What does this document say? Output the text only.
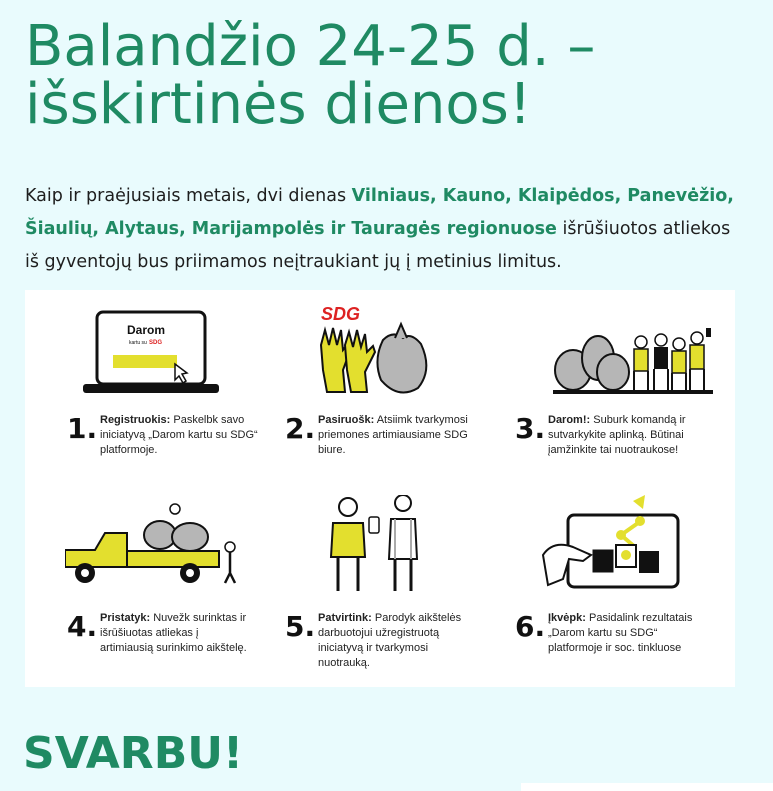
Balandžio 24-25 d. –
išskirtinės dienos!

Kaip ir praėjusiais metais, dvi dienas Vilniaus, Kauno, Klaipėdos, Panevėžio, Šiaulių, Alytaus, Marijampolės ir Tauragės regionuose išrūšiuotos atliekos iš gyventojų bus priimamos neįtraukiant jų į metinius limitus.

Darom
kartu su SDG
1. Registruokis: Paskelbk savo iniciatyvą „Darom kartu su SDG“ platformoje.
SDG
2. Pasiruošk: Atsiimk tvarkymosi priemones artimiausiame SDG biure.
3. Darom!: Suburk komandą ir sutvarkykite aplinką. Būtinai įamžinkite tai nuotraukose!
4. Pristatyk: Nuvežk surinktas ir išrūšiuotas atliekas į artimiausią surinkimo aikštelę.
5. Patvirtink: Parodyk aikštelės darbuotojui užregistruotą iniciatyvą ir tvarkymosi nuotrauką.
6. Įkvėpk: Pasidalink rezultatais „Darom kartu su SDG“ platformoje ir soc. tinkluose
SVARBU!
